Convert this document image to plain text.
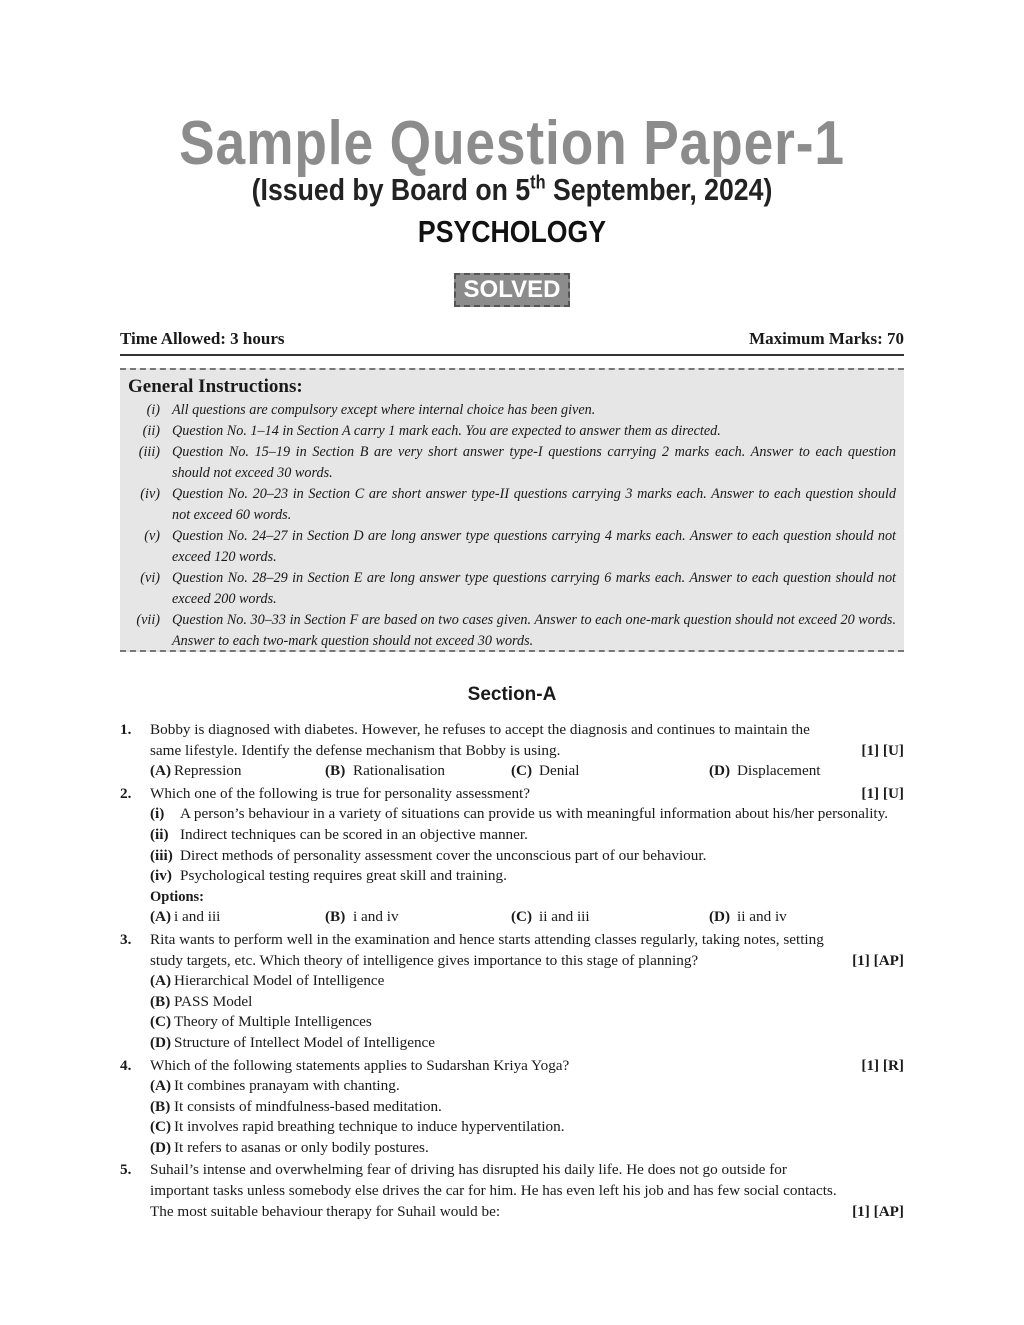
Sample Question Paper-1
(Issued by Board on 5th September, 2024)
PSYCHOLOGY
SOLVED
Time Allowed: 3 hours	Maximum Marks: 70
General Instructions:
(i) All questions are compulsory except where internal choice has been given.
(ii) Question No. 1–14 in Section A carry 1 mark each. You are expected to answer them as directed.
(iii) Question No. 15–19 in Section B are very short answer type-I questions carrying 2 marks each. Answer to each question should not exceed 30 words.
(iv) Question No. 20–23 in Section C are short answer type-II questions carrying 3 marks each. Answer to each question should not exceed 60 words.
(v) Question No. 24–27 in Section D are long answer type questions carrying 4 marks each. Answer to each question should not exceed 120 words.
(vi) Question No. 28–29 in Section E are long answer type questions carrying 6 marks each. Answer to each question should not exceed 200 words.
(vii) Question No. 30–33 in Section F are based on two cases given. Answer to each one-mark question should not exceed 20 words. Answer to each two-mark question should not exceed 30 words.
Section-A
1.	Bobby is diagnosed with diabetes. However, he refuses to accept the diagnosis and continues to maintain the
same lifestyle. Identify the defense mechanism that Bobby is using.	[1] [U]
(A) Repression	(B) Rationalisation	(C) Denial	(D) Displacement
2.	Which one of the following is true for personality assessment?	[1] [U]
(i)	A person’s behaviour in a variety of situations can provide us with meaningful information about his/her personality.
(ii) Indirect techniques can be scored in an objective manner.
(iii) Direct methods of personality assessment cover the unconscious part of our behaviour.
(iv) Psychological testing requires great skill and training.
Options:
(A) i and iii	(B) i and iv	(C) ii and iii	(D) ii and iv
3.	Rita wants to perform well in the examination and hence starts attending classes regularly, taking notes, setting
study targets, etc. Which theory of intelligence gives importance to this stage of planning?	[1] [AP]
(A) Hierarchical Model of Intelligence
(B) PASS Model
(C) Theory of Multiple Intelligences
(D) Structure of Intellect Model of Intelligence
4.	Which of the following statements applies to Sudarshan Kriya Yoga?	[1] [R]
(A) It combines pranayam with chanting.
(B) It consists of mindfulness-based meditation.
(C) It involves rapid breathing technique to induce hyperventilation.
(D) It refers to asanas or only bodily postures.
5.	Suhail’s intense and overwhelming fear of driving has disrupted his daily life. He does not go outside for
important tasks unless somebody else drives the car for him. He has even left his job and has few social contacts.
The most suitable behaviour therapy for Suhail would be:	[1] [AP]
